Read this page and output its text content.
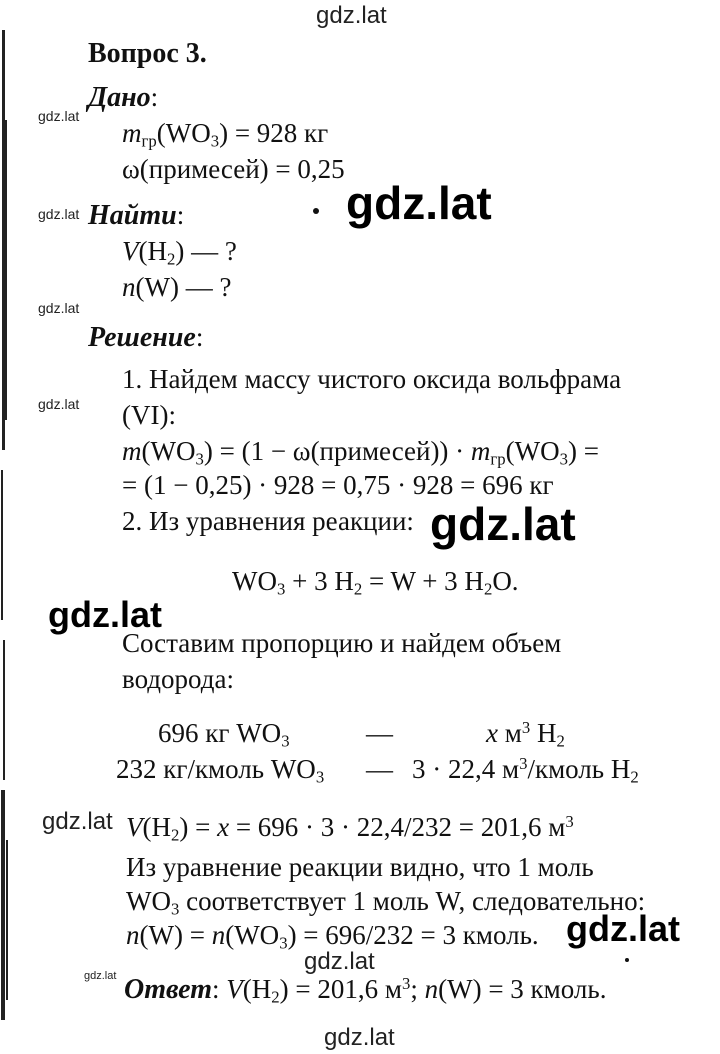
gdz.lat
gdz.lat
gdz.lat
gdz.lat
gdz.lat
gdz.lat
gdz.lat
gdz.lat
gdz.lat
gdz.lat
gdz.lat
gdz.lat
gdz.lat
Вопрос 3.
Дано:
$m_{гр}(WO_3) = 928$ кг
ω(примесей) = 0,25
Найти:
$V(H_2)$ — ?
n(W) — ?
Решение:
1. Найдем массу чистого оксида вольфрама
(VI):
$m(WO_3) = (1$ − ω(примесей)) · $m_{гр}(WO_3)$ =
= (1 − 0,25) · 928 = 0,75 · 928 = 696 кг
2. Из уравнения реакции:
$WO_3 + 3$ $H_2 = W + 3$ $H_2O$.
Составим пропорцию и найдем объем
водорода:
696 кг $WO_3$	—	x $м^3$ $H_2$
232 кг/кмоль $WO_3$ — 3 · 22,4 $м^3$/кмоль $H_2$
$V(H_2) = x = 696 \cdot 3 \cdot 22,4/232 = 201,6$ $м^3$
Из уравнение реакции видно, что 1 моль
$WO_3$ соответствует 1 моль W, следовательно:
$n(W) = n(WO_3) = 696/232 = 3$ кмоль.
Ответ: $V(H_2) = 201,6$ $м^3$; n(W) = 3 кмоль.
